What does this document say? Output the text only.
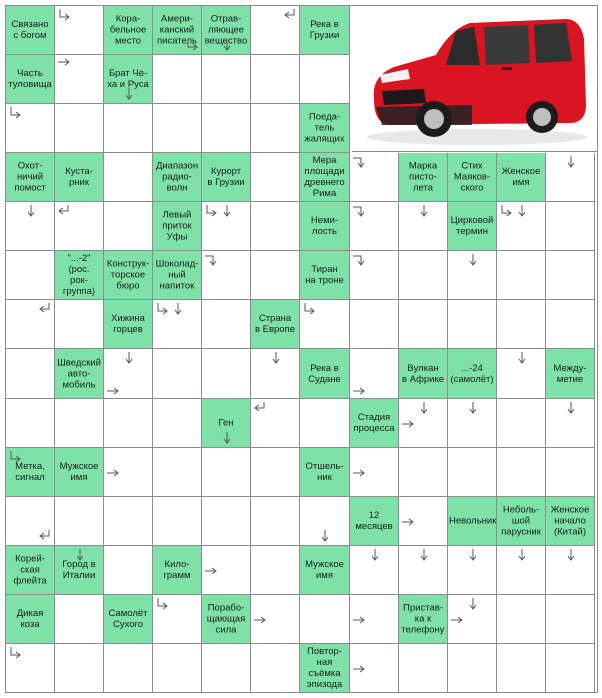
Связано
с богом
Кора-
бельное
место
Амери-
канский
писатель
Отрав-
ляющее
вещество
Река в
Грузии
Часть
туловища
Брат Че-
ха и Руса
Поеда-
тель
жалящих
Охот-
ничий
помост
Куста-
рник
Диапазон
радио-
волн
Курорт
в Грузии
Мера
площади
древнего
Рима
Марка
писто-
лета
Стих
Маяков-
ского
Женское
имя
Левый
приток
Уфы
Неми-
лость
Цирковой
термин
"...-2"
(рос.
рок-
группа)
Конструк-
торское
бюро
Шоколад-
ный
напиток
Тиран
на троне
Хижина
горцев
Страна
в Европе
Шведский
авто-
мобиль
Река в
Судане
Вулкан
в Африке
...-24
(самолёт)
Между-
метие
Ген	Стадия
процесса
Метка,
сигнал
Мужское
имя
Отшель-
ник
12
месяцев	Невольник
Неболь-
шой
парусник
Женское
начало
(Китай)
Корей-
ская
флейта
Город в
Италии
Кило-
грамм
Мужское
имя
Дикая
коза
Самолёт
Сухого
Порабо-
щающая
сила
Пристав-
ка к
телефону
Повтор-
ная
съёмка
эпизода
